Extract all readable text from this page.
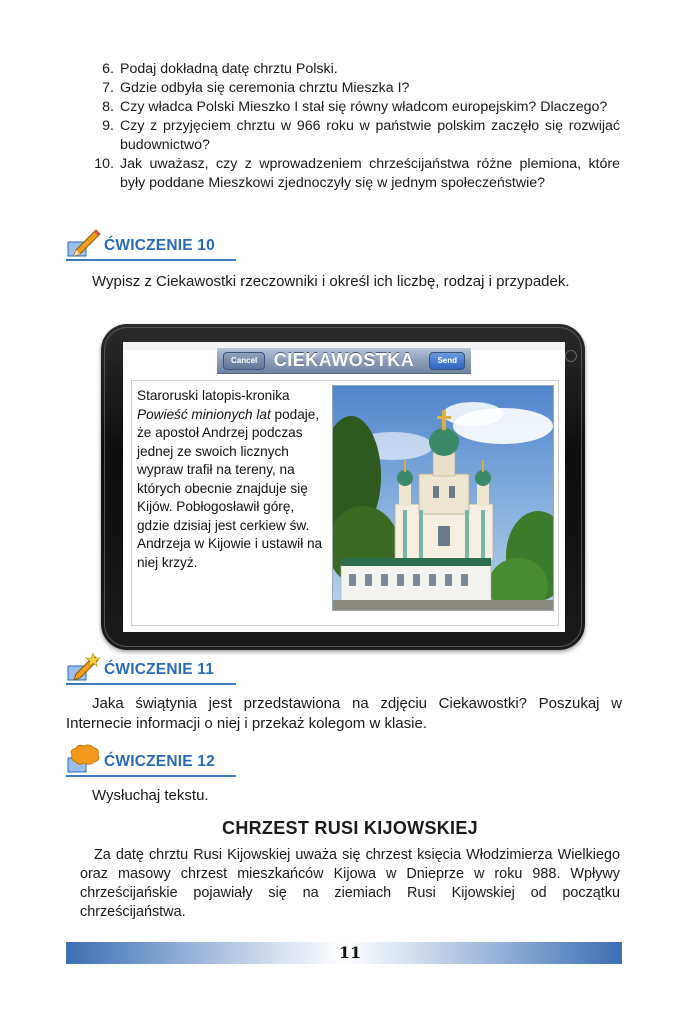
6. Podaj dokładną datę chrztu Polski.
7. Gdzie odbyła się ceremonia chrztu Mieszka I?
8. Czy władca Polski Mieszko I stał się równy władcom europejskim? Dlaczego?
9. Czy z przyjęciem chrztu w 966 roku w państwie polskim zaczęło się rozwijać budownictwo?
10. Jak uważasz, czy z wprowadzeniem chrześcijaństwa różne plemiona, które były poddane Mieszkowi zjednoczyły się w jednym społeczeństwie?
ĆWICZENIE 10

Wypisz z Ciekawostki rzeczowniki i określ ich liczbę, rodzaj i przypadek.

Cancel CIEKAWOSTKA	Send
Staroruski latopis-kronika Powieść minionych lat podaje, że apostoł Andrzej podczas jednej ze swoich licznych wypraw trafił na tereny, na których obecnie znajduje się Kijów. Pobłogosławił górę, gdzie dzisiaj jest cerkiew św. Andrzeja w Kijowie i ustawił na niej krzyż.
ĆWICZENIE 11

Jaka świątynia jest przedstawiona na zdjęciu Ciekawostki? Poszukaj w Internecie informacji o niej i przekaż kolegom w klasie.

ĆWICZENIE 12

Wysłuchaj tekstu.

CHRZEST RUSI KIJOWSKIEJ

Za datę chrztu Rusi Kijowskiej uważa się chrzest księcia Włodzimierza Wielkiego oraz masowy chrzest mieszkańców Kijowa w Dnieprze w roku 988. Wpływy chrześcijańskie pojawiały się na ziemiach Rusi Kijowskiej od początku chrześcijaństwa.

11
